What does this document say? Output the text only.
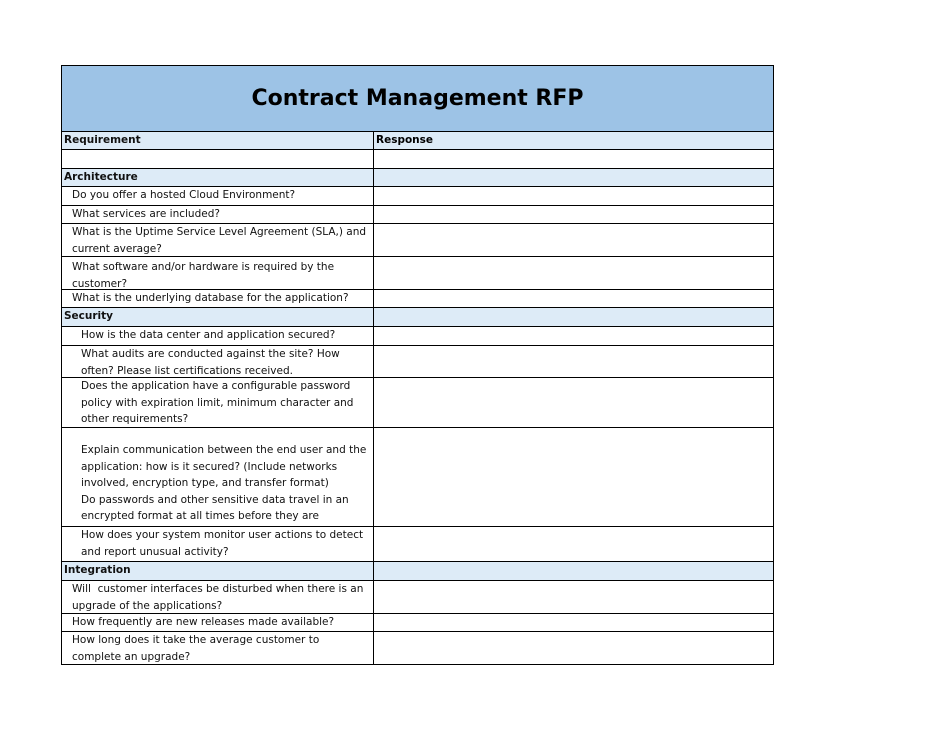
Contract Management RFP
Requirement	Response
Architecture
Do you offer a hosted Cloud Environment?
What services are included?
What is the Uptime Service Level Agreement (SLA,) and current average?
What software and/or hardware is required by the customer?
What is the underlying database for the application?
Security
How is the data center and application secured?
What audits are conducted against the site? How often? Please list certifications received.
Does the application have a configurable password policy with expiration limit, minimum character and other requirements?
Explain communication between the end user and the application: how is it secured? (Include networks involved, encryption type, and transfer format)
Do passwords and other sensitive data travel in an encrypted format at all times before they are
How does your system monitor user actions to detect and report unusual activity?
Integration
Will  customer interfaces be disturbed when there is an upgrade of the applications?
How frequently are new releases made available?
How long does it take the average customer to complete an upgrade?
